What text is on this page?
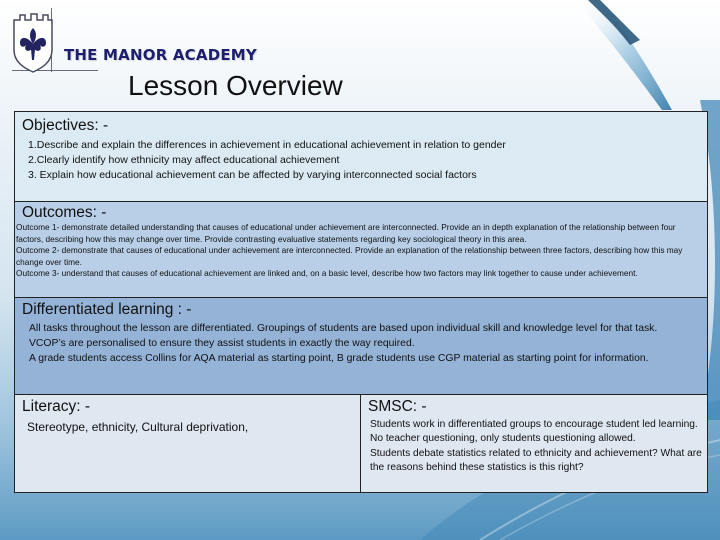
THE MANOR ACADEMY
Lesson Overview
Objectives: -
1.Describe and explain the differences in achievement in educational achievement in relation to gender
2.Clearly identify how ethnicity may affect educational achievement
3. Explain how educational achievement can be affected by varying interconnected social factors
Outcomes: -
Outcome 1- demonstrate detailed understanding that causes of educational under achievement are interconnected. Provide an in depth explanation of the relationship between four factors, describing how this may change over time. Provide contrasting evaluative statements regarding key sociological theory in this area.
Outcome 2- demonstrate that causes of educational under achievement are interconnected. Provide an explanation of the relationship between three factors, describing how this may change over time.
Outcome 3- understand that causes of educational achievement are linked and, on a basic level, describe how two factors may link together to cause under achievement.
Differentiated learning : -
All tasks throughout the lesson are differentiated. Groupings of students are based upon individual skill and knowledge level for that task.
VCOP’s are personalised to ensure they assist students in exactly the way required.
A grade students access Collins for AQA material as starting point, B grade students use CGP material as starting point for information.
Literacy: -
Stereotype, ethnicity, Cultural deprivation,
SMSC: -
Students work in differentiated groups to encourage student led learning. No teacher questioning, only students questioning allowed.
Students debate statistics related to ethnicity and achievement? What are the reasons behind these statistics is this right?
